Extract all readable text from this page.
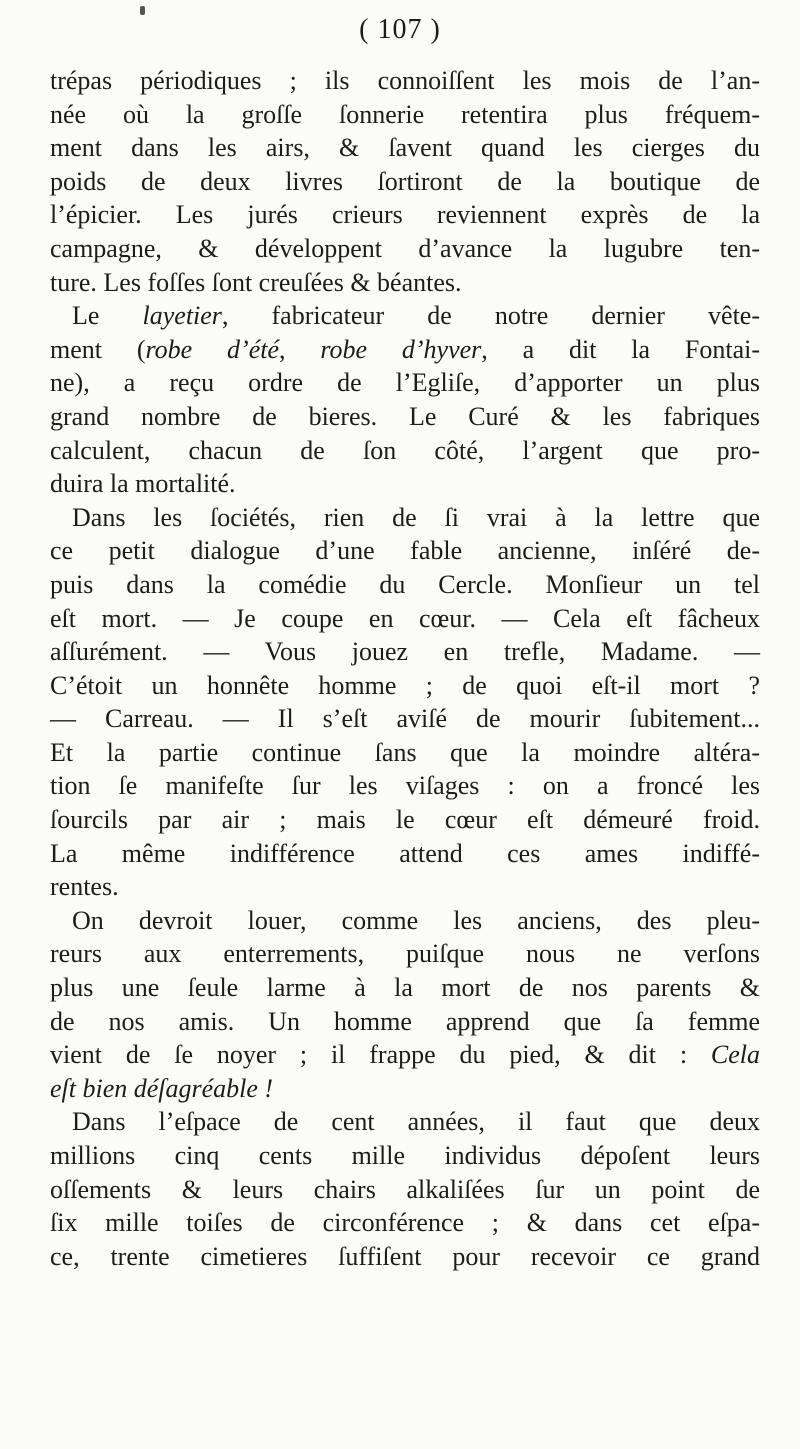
( 107 )
trépas périodiques ; ils connoiſſent les mois de l’an-
née où la groſſe ſonnerie retentira plus fréquem-
ment dans les airs, & ſavent quand les cierges du
poids de deux livres ſortiront de la boutique de
l’épicier. Les jurés crieurs reviennent exprès de la
campagne, & développent d’avance la lugubre ten-
ture. Les foſſes ſont creuſées & béantes.
Le layetier, fabricateur de notre dernier vête-
ment (robe d’été, robe d’hyver, a dit la Fontai-
ne), a reçu ordre de l’Egliſe, d’apporter un plus
grand nombre de bieres. Le Curé & les fabriques
calculent, chacun de ſon côté, l’argent que pro-
duira la mortalité.
Dans les ſociétés, rien de ſi vrai à la lettre que
ce petit dialogue d’une fable ancienne, inſéré de-
puis dans la comédie du Cercle. Monſieur un tel
eſt mort. — Je coupe en cœur. — Cela eſt fâcheux
aſſurément. — Vous jouez en trefle, Madame. —
C’étoit un honnête homme ; de quoi eſt-il mort ?
— Carreau. — Il s’eſt aviſé de mourir ſubitement...
Et la partie continue ſans que la moindre altéra-
tion ſe manifeſte ſur les viſages : on a froncé les
ſourcils par air ; mais le cœur eſt démeuré froid.
La même indifférence attend ces ames indiffé-
rentes.
On devroit louer, comme les anciens, des pleu-
reurs aux enterrements, puiſque nous ne verſons
plus une ſeule larme à la mort de nos parents &
de nos amis. Un homme apprend que ſa femme
vient de ſe noyer ; il frappe du pied, & dit : Cela
eſt bien déſagréable !
Dans l’eſpace de cent années, il faut que deux
millions cinq cents mille individus dépoſent leurs
oſſements & leurs chairs alkaliſées ſur un point de
ſix mille toiſes de circonférence ; & dans cet eſpa-
ce, trente cimetieres ſuffiſent pour recevoir ce grand
